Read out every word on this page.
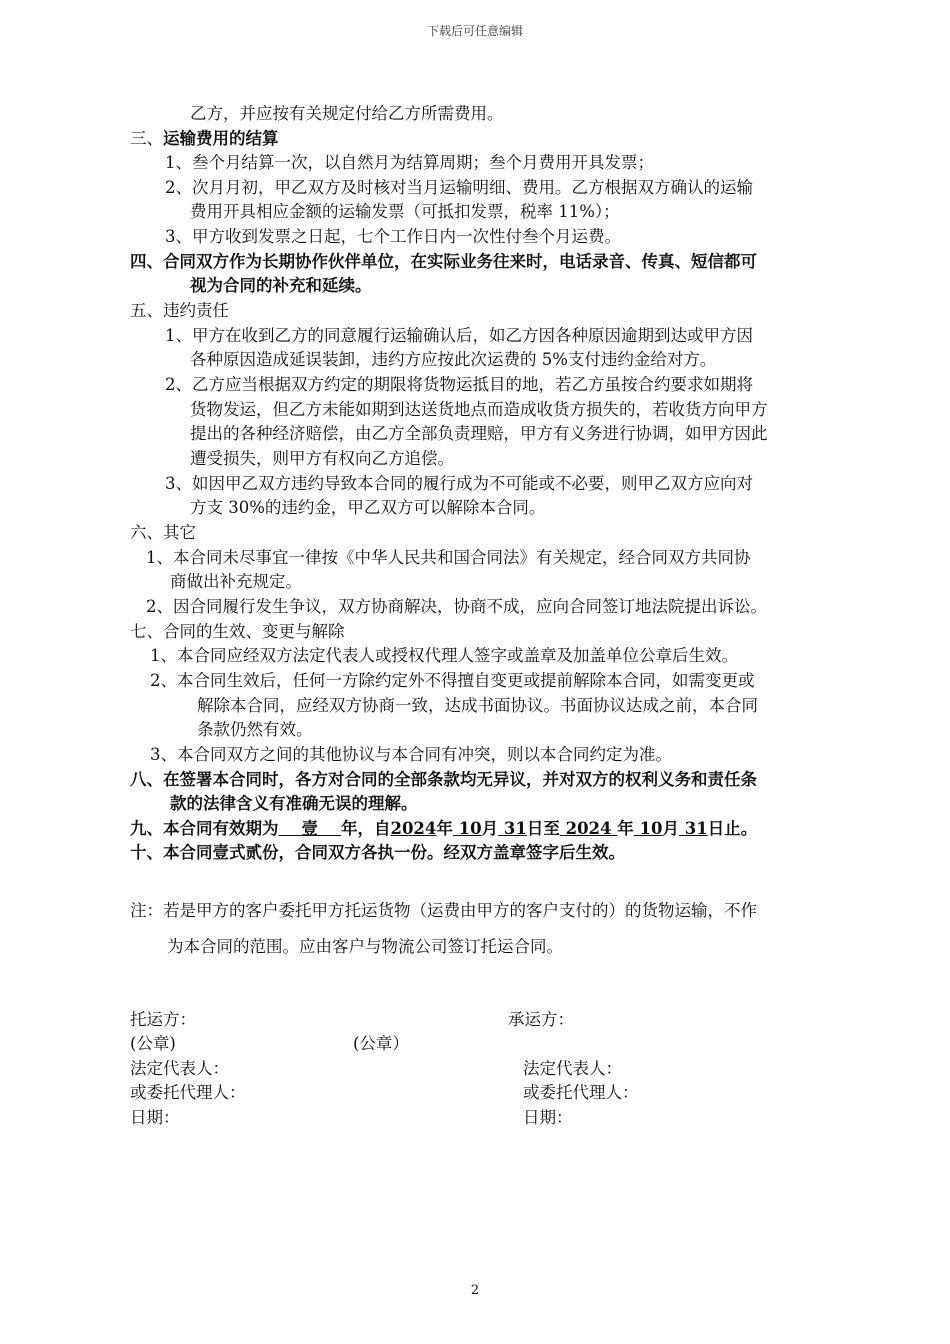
下载后可任意编辑
乙方，并应按有关规定付给乙方所需费用。
三、运输费用的结算
1、叁个月结算一次，以自然月为结算周期；叁个月费用开具发票；
2、次月月初，甲乙双方及时核对当月运输明细、费用。乙方根据双方确认的运输
费用开具相应金额的运输发票（可抵扣发票，税率 11%）；
3、甲方收到发票之日起，七个工作日内一次性付叁个月运费。
四、合同双方作为长期协作伙伴单位，在实际业务往来时，电话录音、传真、短信都可
视为合同的补充和延续。
五、违约责任
1、甲方在收到乙方的同意履行运输确认后，如乙方因各种原因逾期到达或甲方因
各种原因造成延误装卸，违约方应按此次运费的 5%支付违约金给对方。
2、乙方应当根据双方约定的期限将货物运抵目的地，若乙方虽按合约要求如期将
货物发运，但乙方未能如期到达送货地点而造成收货方损失的，若收货方向甲方
提出的各种经济赔偿，由乙方全部负责理赔，甲方有义务进行协调，如甲方因此
遭受损失，则甲方有权向乙方追偿。
3、如因甲乙双方违约导致本合同的履行成为不可能或不必要，则甲乙双方应向对
方支 30%的违约金，甲乙双方可以解除本合同。
六、其它
1、本合同未尽事宜一律按《中华人民共和国合同法》有关规定，经合同双方共同协
商做出补充规定。
2、因合同履行发生争议，双方协商解决，协商不成，应向合同签订地法院提出诉讼。
七、合同的生效、变更与解除
1、本合同应经双方法定代表人或授权代理人签字或盖章及加盖单位公章后生效。
2、本合同生效后，任何一方除约定外不得擅自变更或提前解除本合同，如需变更或
解除本合同，应经双方协商一致，达成书面协议。书面协议达成之前，本合同
条款仍然有效。
3、本合同双方之间的其他协议与本合同有冲突，则以本合同约定为准。
八、在签署本合同时，各方对合同的全部条款均无异议，并对双方的权利义务和责任条
款的法律含义有准确无误的理解。
九、本合同有效期为 壹 年，自2024年 10月 31日至 2024 年 10月 31日止。
十、本合同壹式贰份，合同双方各执一份。经双方盖章签字后生效。
注：若是甲方的客户委托甲方托运货物（运费由甲方的客户支付的）的货物运输，不作
为本合同的范围。应由客户与物流公司签订托运合同。
托运方：	承运方：
(公章)	(公章）
法定代表人：	法定代表人：
或委托代理人：	或委托代理人：
日期：	日期：
2
